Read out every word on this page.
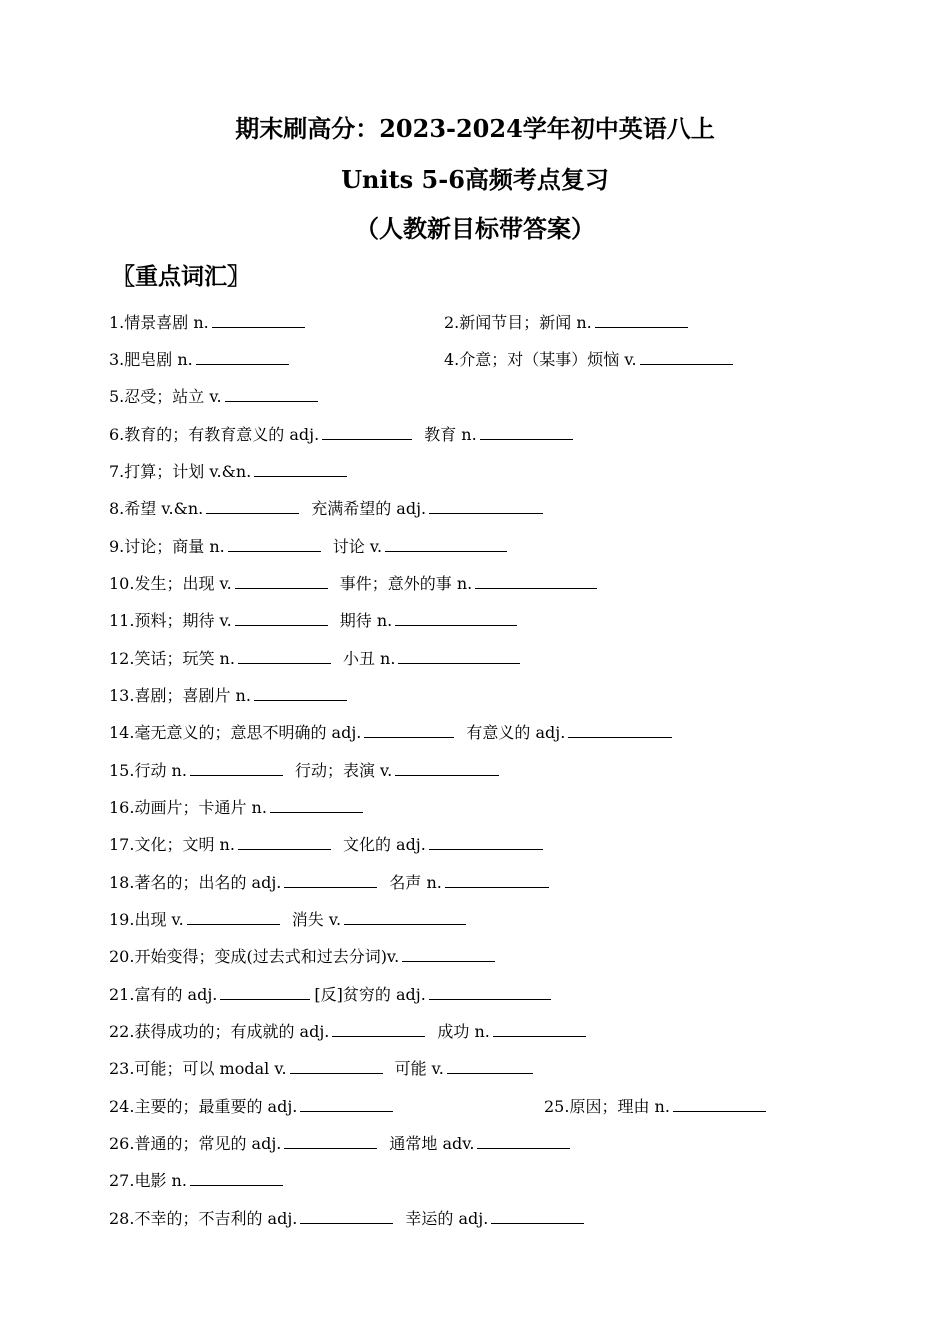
期末刷高分：2023-2024学年初中英语八上
Units 5-6高频考点复习
（人教新目标带答案）
〖重点词汇〗
1.情景喜剧 n.	2.新闻节目；新闻 n.
3.肥皂剧 n.	4.介意；对（某事）烦恼 v.
5.忍受；站立 v.
6.教育的；有教育意义的 adj.	教育 n.
7.打算；计划 v.&n.
8.希望 v.&n.	充满希望的 adj.
9.讨论；商量 n.	讨论 v.
10.发生；出现 v.	事件；意外的事 n.
11.预料；期待 v.	期待 n.
12.笑话；玩笑 n.	小丑 n.
13.喜剧；喜剧片 n.
14.毫无意义的；意思不明确的 adj.	有意义的 adj.
15.行动 n.	行动；表演 v.
16.动画片；卡通片 n.
17.文化；文明 n.	文化的 adj.
18.著名的；出名的 adj.	名声 n.
19.出现 v.	消失 v.
20.开始变得；变成(过去式和过去分词)v.
21.富有的 adj.	[反]贫穷的 adj.
22.获得成功的；有成就的 adj.	成功 n.
23.可能；可以 modal v.	可能 v.
24.主要的；最重要的 adj.	25.原因；理由 n.
26.普通的；常见的 adj.	通常地 adv.
27.电影 n.
28.不幸的；不吉利的 adj.	幸运的 adj.
